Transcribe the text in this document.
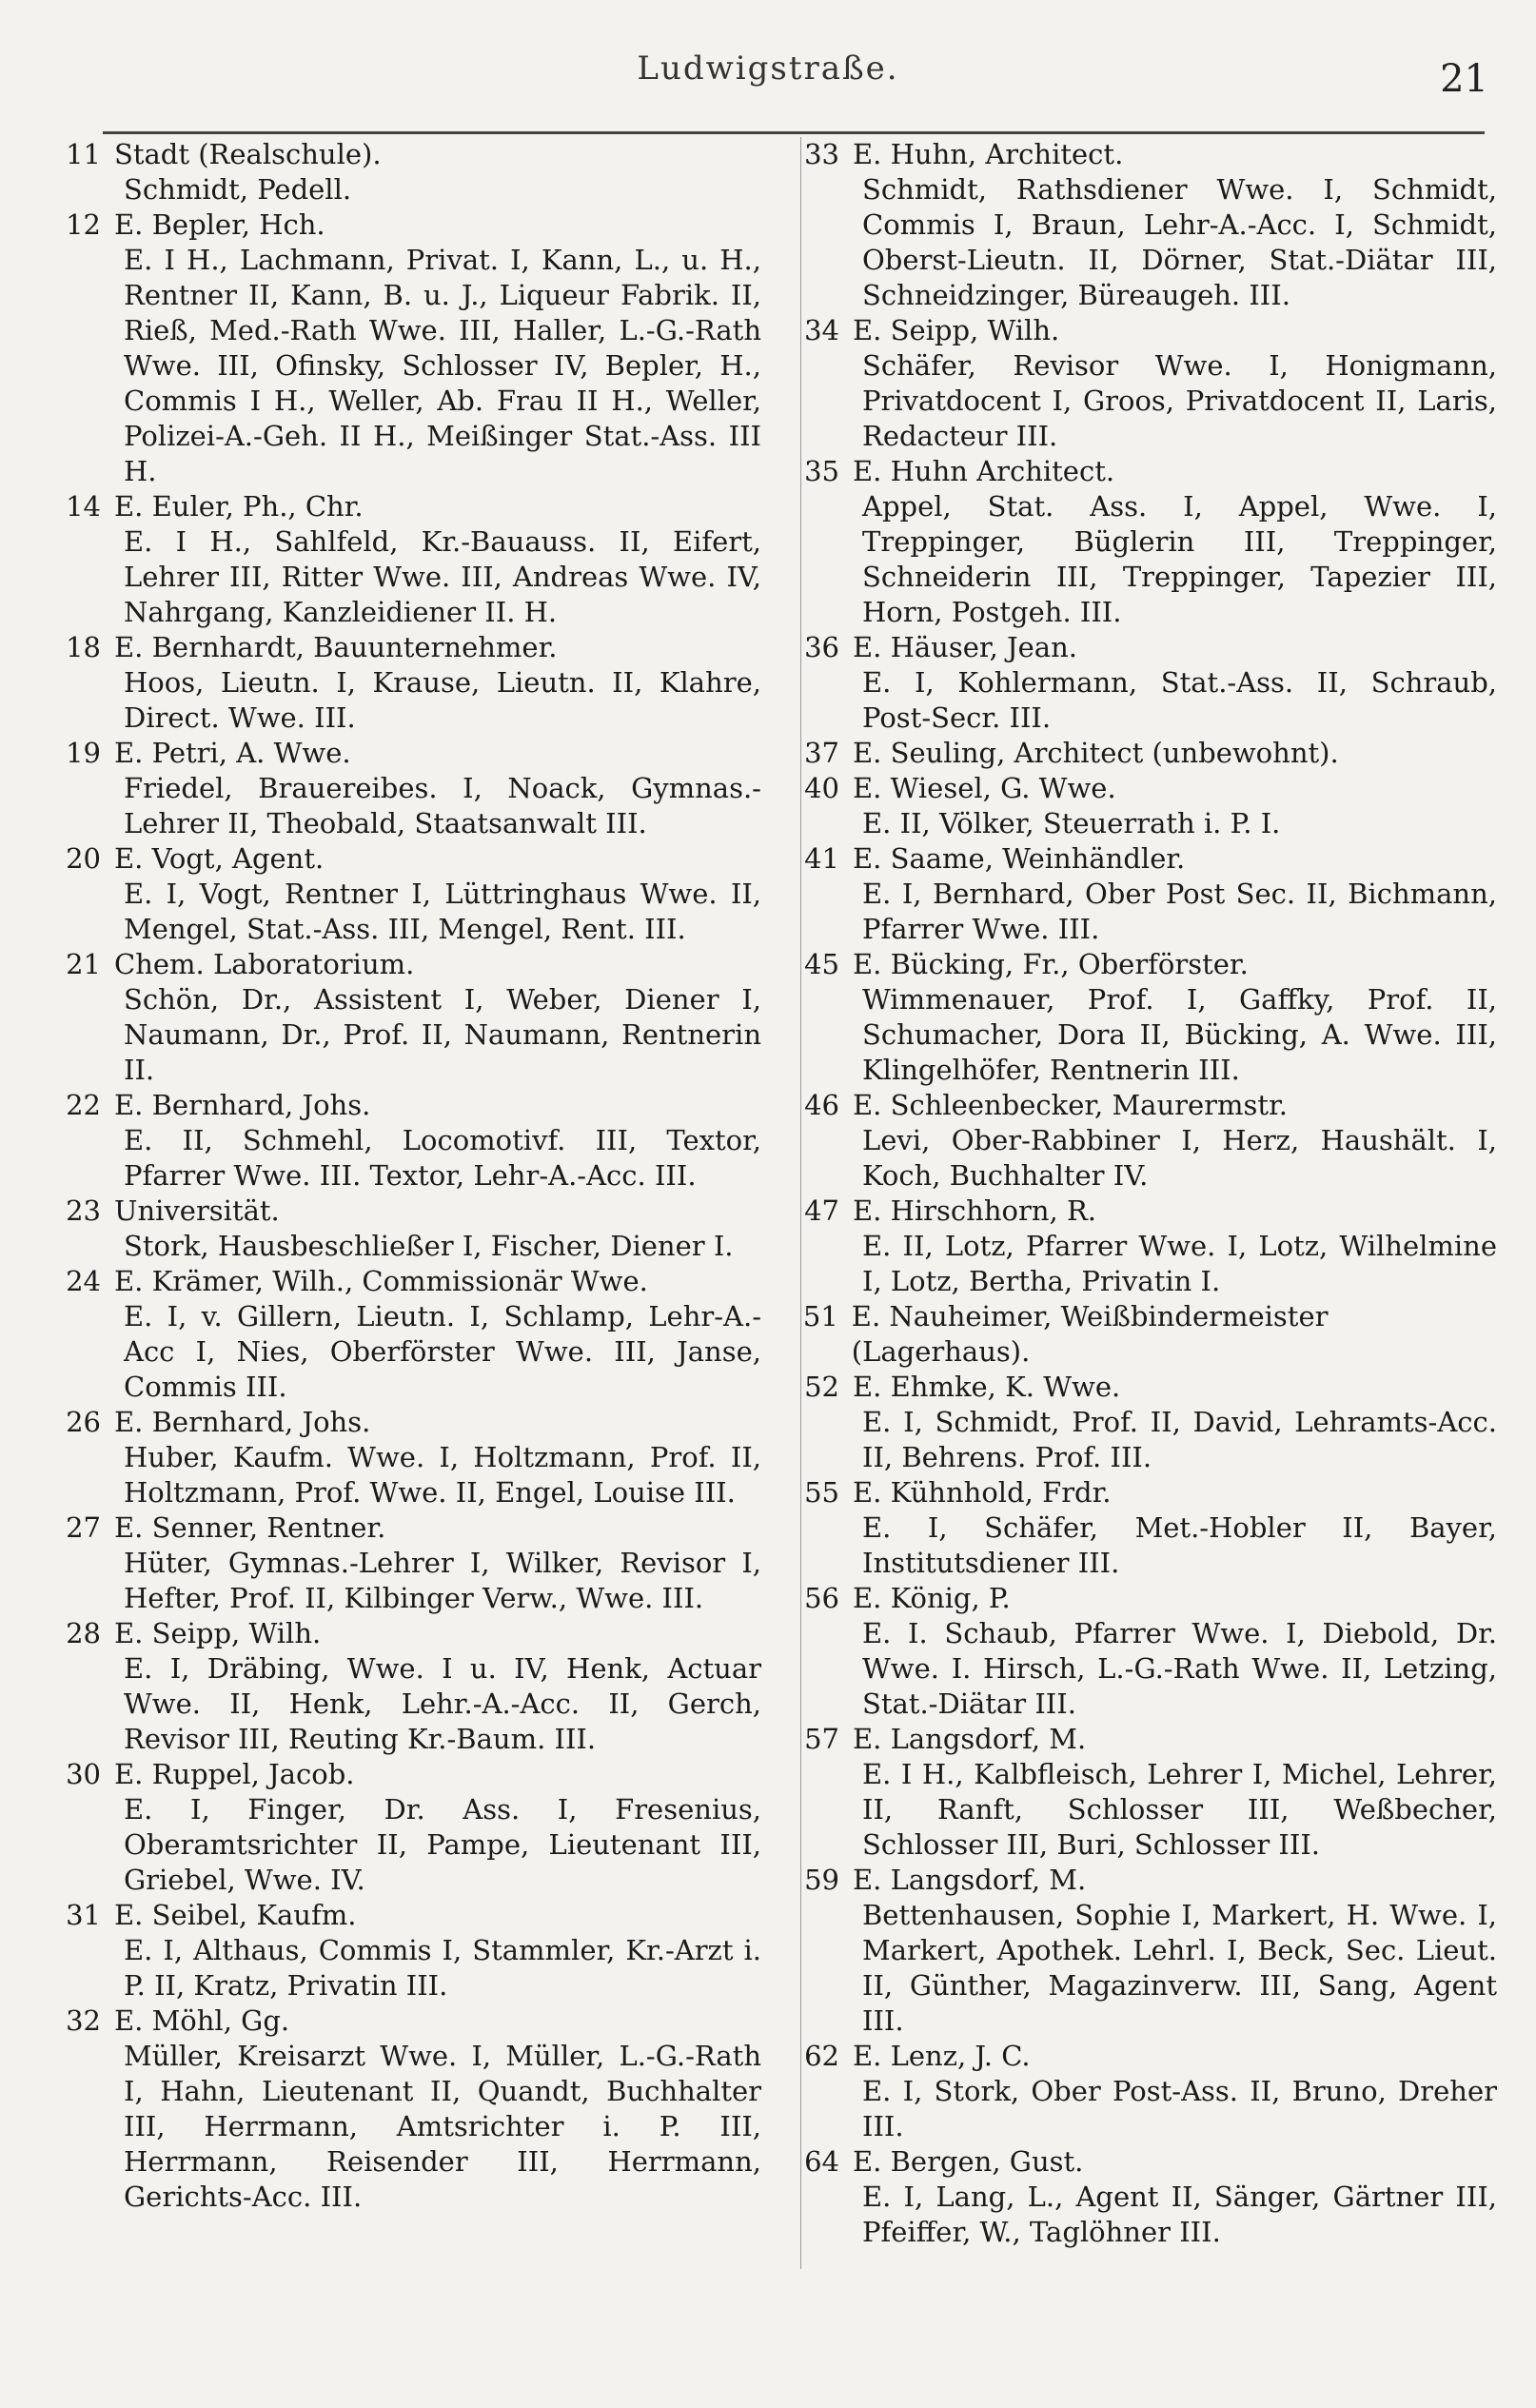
Ludwigstraße.	21
11 Stadt (Realschule).
Schmidt, Pedell.
12 E. Bepler, Hch.
E. I H., Lachmann, Privat. I, Kann, L., u. H., Rentner II, Kann, B. u. J., Liqueur Fabrik. II, Rieß, Med.-Rath Wwe. III, Haller, L.-G.-Rath Wwe. III, Ofinsky, Schlosser IV, Bepler, H., Commis I H., Weller, Ab. Frau II H., Weller, Polizei-A.-Geh. II H., Meißinger Stat.-Ass. III H.
14 E. Euler, Ph., Chr.
E. I H., Sahlfeld, Kr.-Bauauss. II, Eifert, Lehrer III, Ritter Wwe. III, Andreas Wwe. IV, Nahrgang, Kanzleidiener II. H.
18 E. Bernhardt, Bauunternehmer.
Hoos, Lieutn. I, Krause, Lieutn. II, Klahre, Direct. Wwe. III.
19 E. Petri, A. Wwe.
Friedel, Brauereibes. I, Noack, Gymnas.-Lehrer II, Theobald, Staatsanwalt III.
20 E. Vogt, Agent.
E. I, Vogt, Rentner I, Lüttringhaus Wwe. II, Mengel, Stat.-Ass. III, Mengel, Rent. III.
21 Chem. Laboratorium.
Schön, Dr., Assistent I, Weber, Diener I, Naumann, Dr., Prof. II, Naumann, Rentnerin II.
22 E. Bernhard, Johs.
E. II, Schmehl, Locomotivf. III, Textor, Pfarrer Wwe. III. Textor, Lehr-A.-Acc. III.
23 Universität.
Stork, Hausbeschließer I, Fischer, Diener I.
24 E. Krämer, Wilh., Commissionär Wwe.
E. I, v. Gillern, Lieutn. I, Schlamp, Lehr-A.-Acc I, Nies, Oberförster Wwe. III, Janse, Commis III.
26 E. Bernhard, Johs.
Huber, Kaufm. Wwe. I, Holtzmann, Prof. II, Holtzmann, Prof. Wwe. II, Engel, Louise III.
27 E. Senner, Rentner.
Hüter, Gymnas.-Lehrer I, Wilker, Revisor I, Hefter, Prof. II, Kilbinger Verw., Wwe. III.
28 E. Seipp, Wilh.
E. I, Dräbing, Wwe. I u. IV, Henk, Actuar Wwe. II, Henk, Lehr.-A.-Acc. II, Gerch, Revisor III, Reuting Kr.-Baum. III.
30 E. Ruppel, Jacob.
E. I, Finger, Dr. Ass. I, Fresenius, Oberamtsrichter II, Pampe, Lieutenant III, Griebel, Wwe. IV.
31 E. Seibel, Kaufm.
E. I, Althaus, Commis I, Stammler, Kr.-Arzt i. P. II, Kratz, Privatin III.
32 E. Möhl, Gg.
Müller, Kreisarzt Wwe. I, Müller, L.-G.-Rath I, Hahn, Lieutenant II, Quandt, Buchhalter III, Herrmann, Amtsrichter i. P. III, Herrmann, Reisender III, Herrmann, Gerichts-Acc. III.
33 E. Huhn, Architect.
Schmidt, Rathsdiener Wwe. I, Schmidt, Commis I, Braun, Lehr-A.-Acc. I, Schmidt, Oberst-Lieutn. II, Dörner, Stat.-Diätar III, Schneidzinger, Büreaugeh. III.
34 E. Seipp, Wilh.
Schäfer, Revisor Wwe. I, Honigmann, Privatdocent I, Groos, Privatdocent II, Laris, Redacteur III.
35 E. Huhn Architect.
Appel, Stat. Ass. I, Appel, Wwe. I, Treppinger, Büglerin III, Treppinger, Schneiderin III, Treppinger, Tapezier III, Horn, Postgeh. III.
36 E. Häuser, Jean.
E. I, Kohlermann, Stat.-Ass. II, Schraub, Post-Secr. III.
37 E. Seuling, Architect (unbewohnt).
40 E. Wiesel, G. Wwe.
E. II, Völker, Steuerrath i. P. I.
41 E. Saame, Weinhändler.
E. I, Bernhard, Ober Post Sec. II, Bichmann, Pfarrer Wwe. III.
45 E. Bücking, Fr., Oberförster.
Wimmenauer, Prof. I, Gaffky, Prof. II, Schumacher, Dora II, Bücking, A. Wwe. III, Klingelhöfer, Rentnerin III.
46 E. Schleenbecker, Maurermstr.
Levi, Ober-Rabbiner I, Herz, Haushält. I, Koch, Buchhalter IV.
47 E. Hirschhorn, R.
E. II, Lotz, Pfarrer Wwe. I, Lotz, Wilhelmine I, Lotz, Bertha, Privatin I.
51 E. Nauheimer, Weißbindermeister (Lagerhaus).
52 E. Ehmke, K. Wwe.
E. I, Schmidt, Prof. II, David, Lehramts-Acc. II, Behrens. Prof. III.
55 E. Kühnhold, Frdr.
E. I, Schäfer, Met.-Hobler II, Bayer, Institutsdiener III.
56 E. König, P.
E. I. Schaub, Pfarrer Wwe. I, Diebold, Dr. Wwe. I. Hirsch, L.-G.-Rath Wwe. II, Letzing, Stat.-Diätar III.
57 E. Langsdorf, M.
E. I H., Kalbfleisch, Lehrer I, Michel, Lehrer, II, Ranft, Schlosser III, Weßbecher, Schlosser III, Buri, Schlosser III.
59 E. Langsdorf, M.
Bettenhausen, Sophie I, Markert, H. Wwe. I, Markert, Apothek. Lehrl. I, Beck, Sec. Lieut. II, Günther, Magazinverw. III, Sang, Agent III.
62 E. Lenz, J. C.
E. I, Stork, Ober Post-Ass. II, Bruno, Dreher III.
64 E. Bergen, Gust.
E. I, Lang, L., Agent II, Sänger, Gärtner III, Pfeiffer, W., Taglöhner III.
